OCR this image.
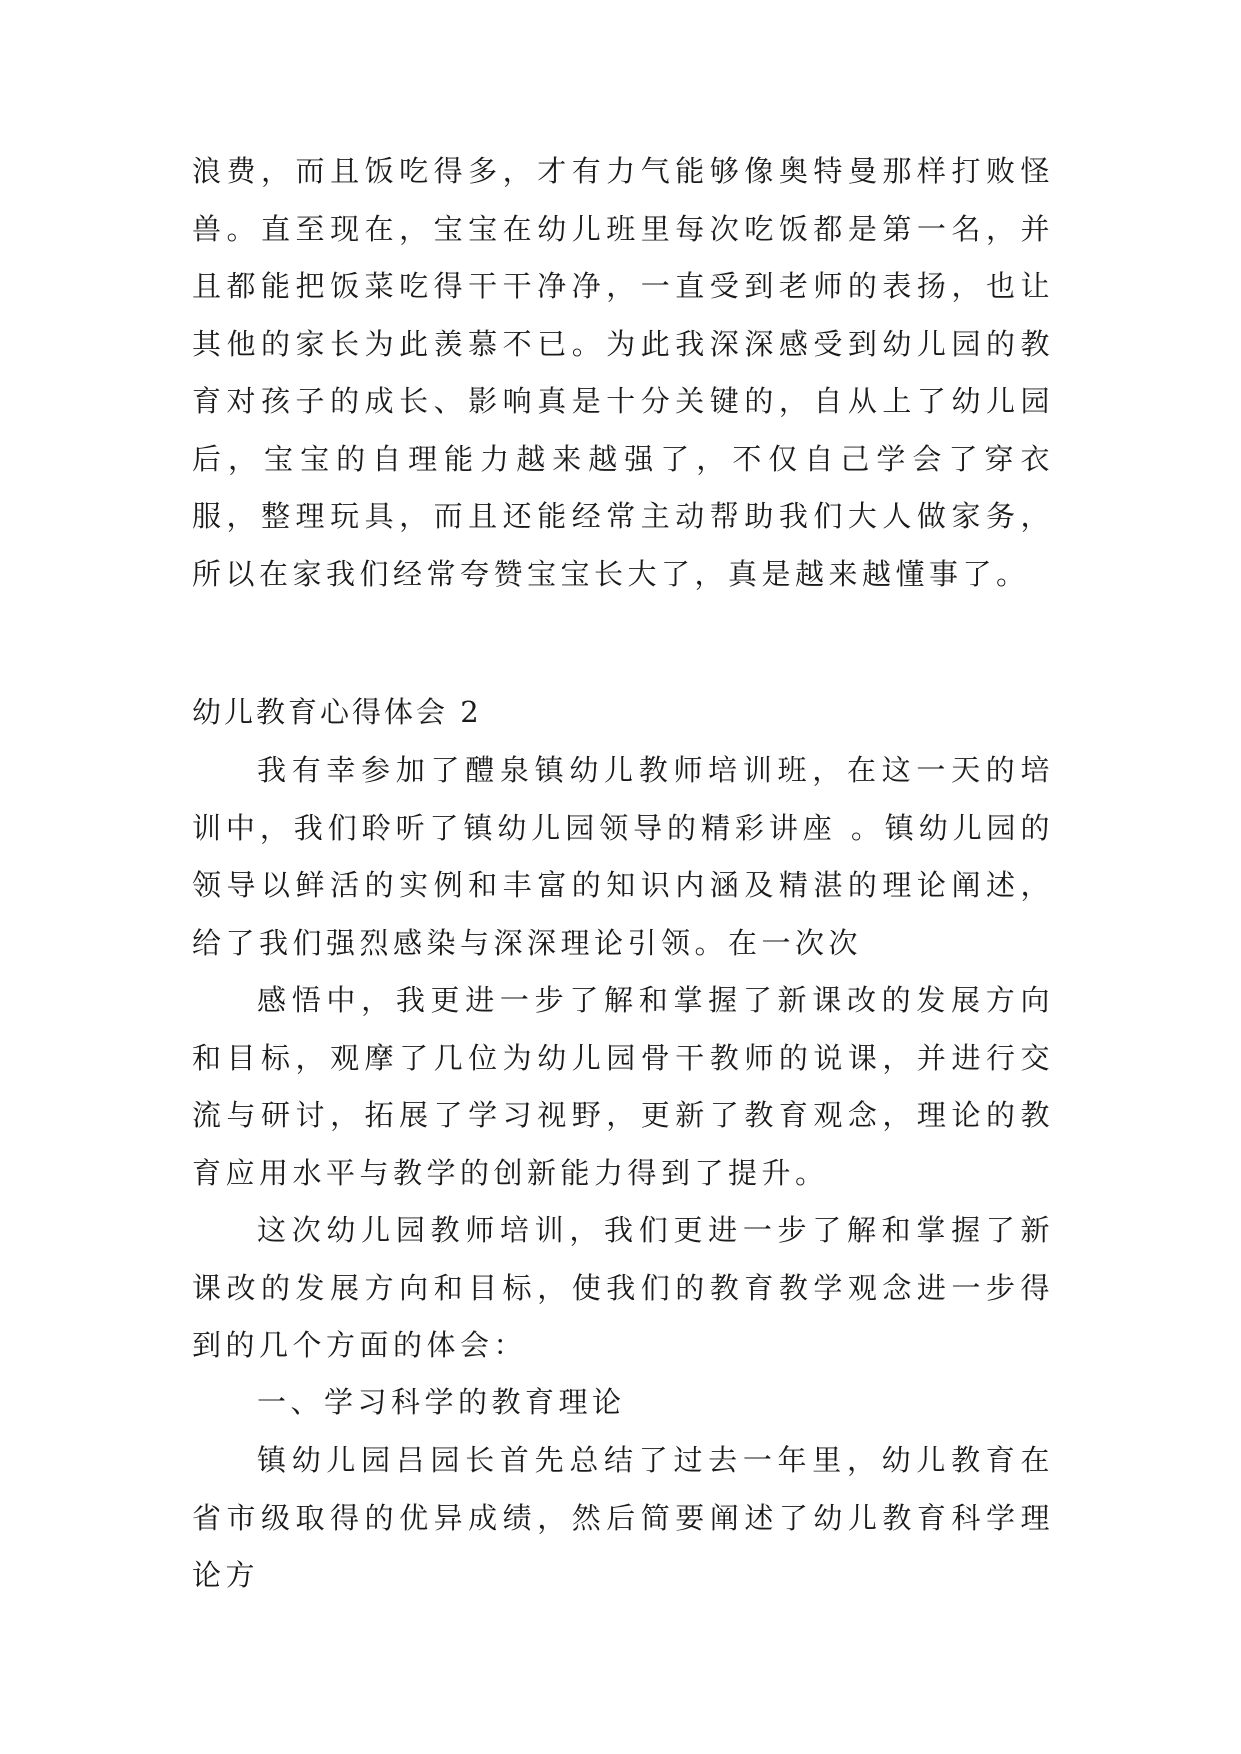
浪费，而且饭吃得多，才有力气能够像奥特曼那样打败怪兽。直至现在，宝宝在幼儿班里每次吃饭都是第一名，并且都能把饭菜吃得干干净净，一直受到老师的表扬，也让其他的家长为此羡慕不已。为此我深深感受到幼儿园的教育对孩子的成长、影响真是十分关键的，自从上了幼儿园后，宝宝的自理能力越来越强了，不仅自己学会了穿衣服，整理玩具，而且还能经常主动帮助我们大人做家务，所以在家我们经常夸赞宝宝长大了，真是越来越懂事了。

幼儿教育心得体会 2

我有幸参加了醴泉镇幼儿教师培训班，在这一天的培训中，我们聆听了镇幼儿园领导的精彩讲座 。镇幼儿园的领导以鲜活的实例和丰富的知识内涵及精湛的理论阐述，给了我们强烈感染与深深理论引领。在一次次

感悟中，我更进一步了解和掌握了新课改的发展方向和目标，观摩了几位为幼儿园骨干教师的说课，并进行交流与研讨，拓展了学习视野，更新了教育观念，理论的教育应用水平与教学的创新能力得到了提升。

这次幼儿园教师培训，我们更进一步了解和掌握了新课改的发展方向和目标，使我们的教育教学观念进一步得到的几个方面的体会：

一、学习科学的教育理论

镇幼儿园吕园长首先总结了过去一年里，幼儿教育在省市级取得的优异成绩，然后简要阐述了幼儿教育科学理论方
